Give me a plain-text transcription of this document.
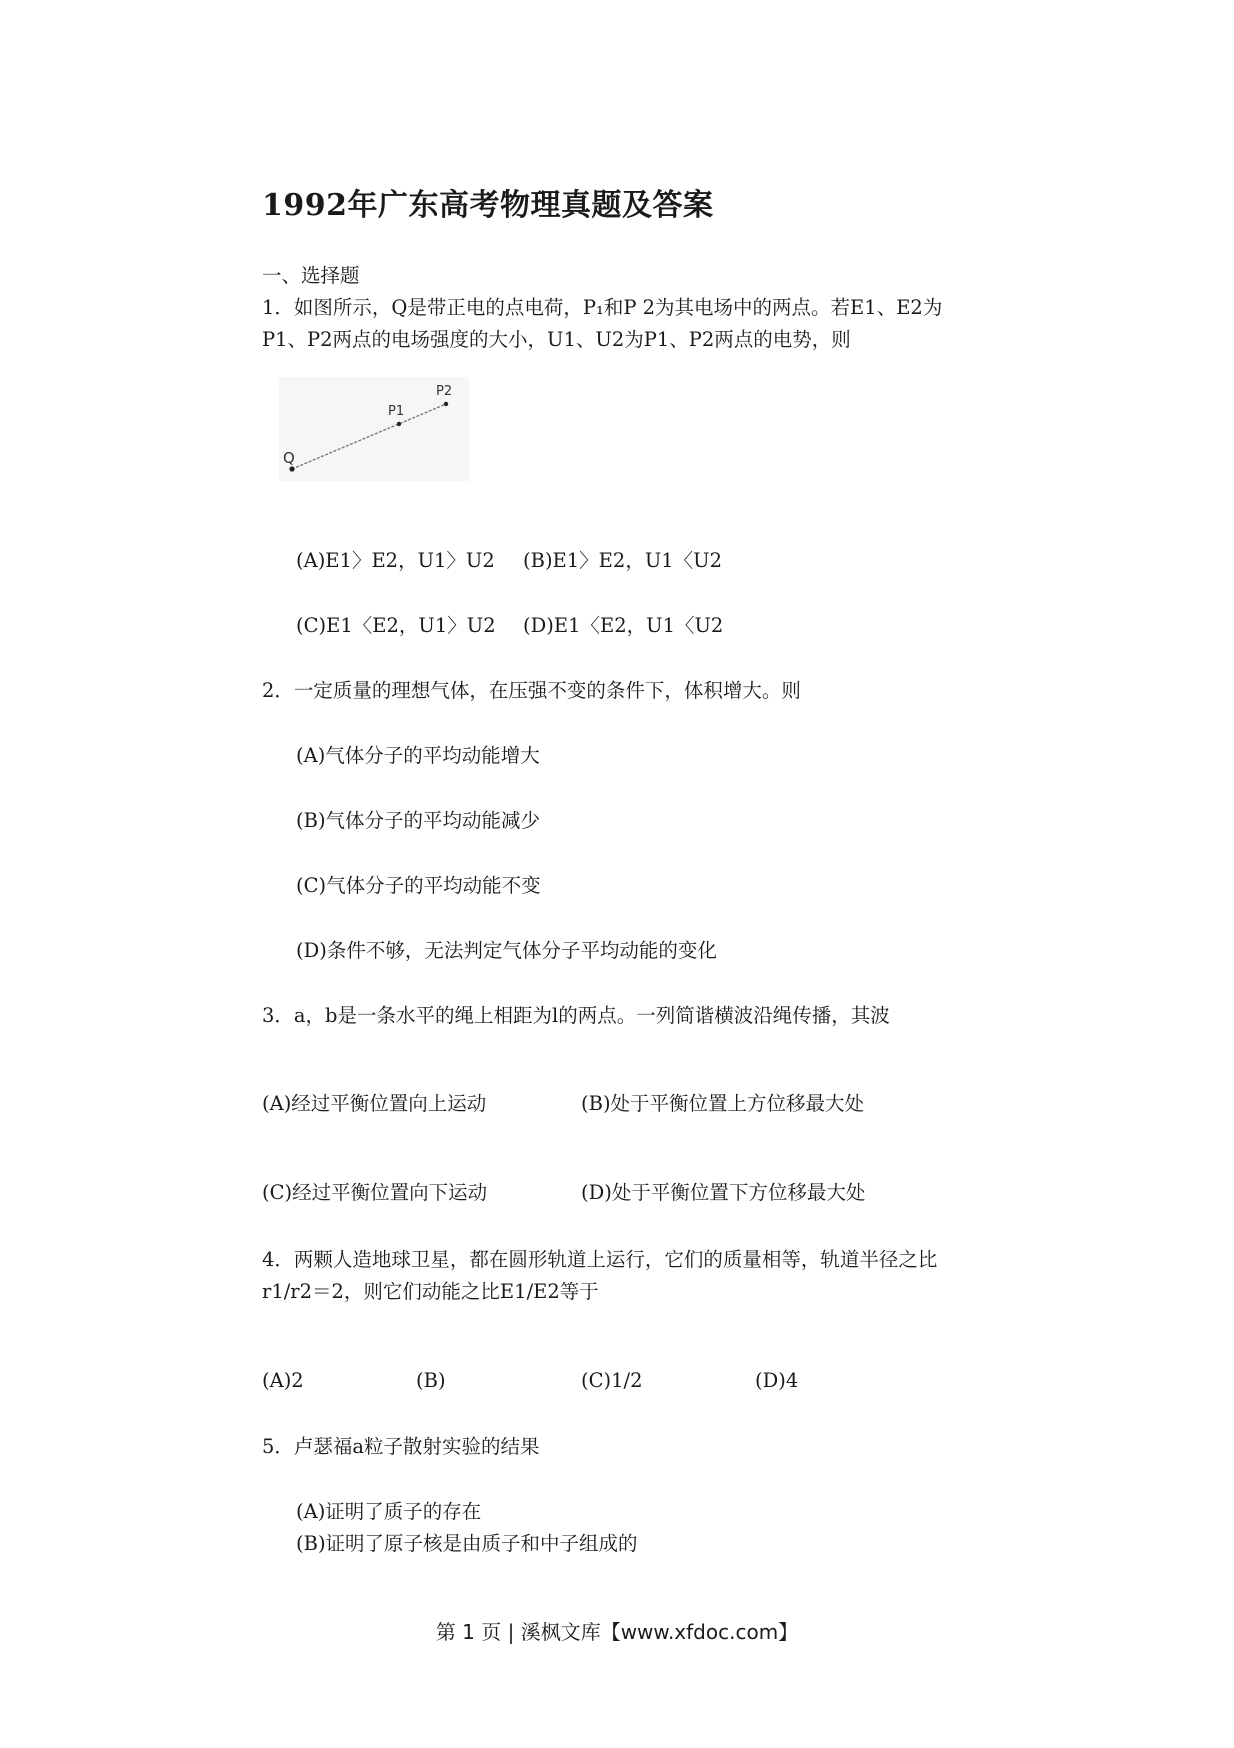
1992年广东高考物理真题及答案
一、选择题
1．如图所示，Q是带正电的点电荷，P₁和P 2为其电场中的两点。若E1、E2为
P1、P2两点的电场强度的大小，U1、U2为P1、P2两点的电势，则
Q
P1
P2
(A)E1〉E2，U1〉U2 (B)E1〉E2，U1〈U2
(C)E1〈E2，U1〉U2 (D)E1〈E2，U1〈U2
2．一定质量的理想气体，在压强不变的条件下，体积增大。则
(A)气体分子的平均动能增大
(B)气体分子的平均动能减少
(C)气体分子的平均动能不变
(D)条件不够，无法判定气体分子平均动能的变化
3．a，b是一条水平的绳上相距为l的两点。一列简谐横波沿绳传播，其波
(A)经过平衡位置向上运动	(B)处于平衡位置上方位移最大处
(C)经过平衡位置向下运动	(D)处于平衡位置下方位移最大处
4．两颗人造地球卫星，都在圆形轨道上运行，它们的质量相等，轨道半径之比
r1/r2＝2，则它们动能之比E1/E2等于
(A)2	(B)	(C)1/2	(D)4
5．卢瑟福a粒子散射实验的结果
(A)证明了质子的存在
(B)证明了原子核是由质子和中子组成的
第 1 页 | 溪枫文库【www.xfdoc.com】
